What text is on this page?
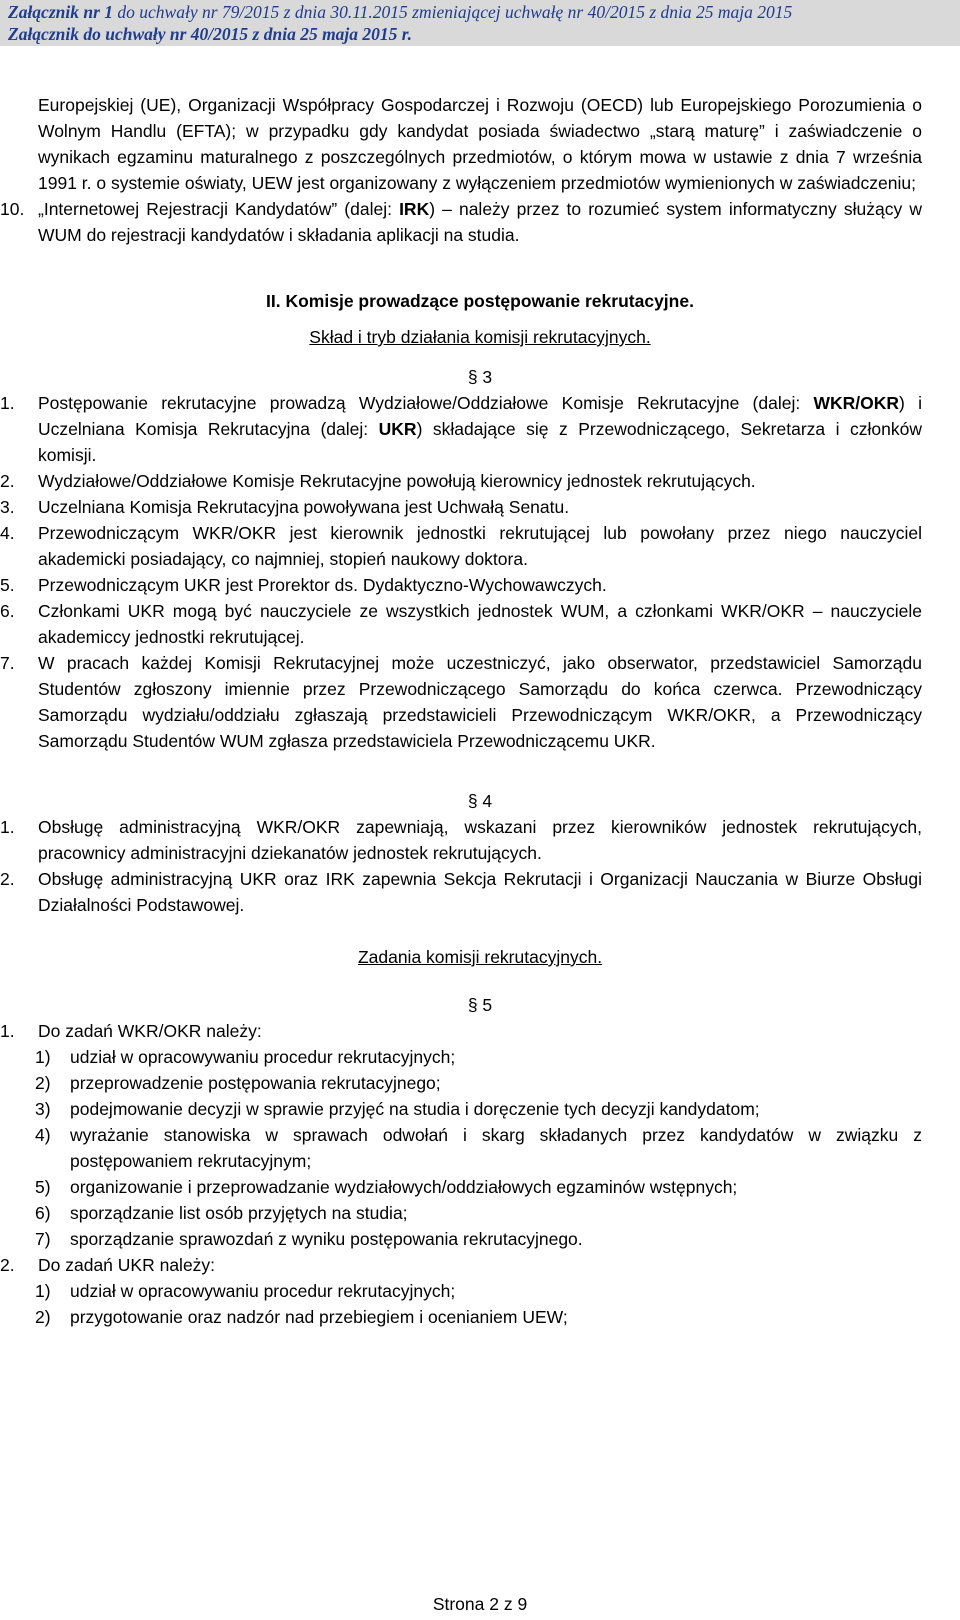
Załącznik nr 1 do uchwały nr 79/2015 z dnia 30.11.2015 zmieniającej uchwałę nr 40/2015 z dnia 25 maja 2015
Załącznik do uchwały nr 40/2015 z dnia 25 maja 2015 r.
Europejskiej (UE), Organizacji Współpracy Gospodarczej i Rozwoju (OECD) lub Europejskiego Porozumienia o Wolnym Handlu (EFTA); w przypadku gdy kandydat posiada świadectwo „starą maturę” i zaświadczenie o wynikach egzaminu maturalnego z poszczególnych przedmiotów, o którym mowa w ustawie z dnia 7 września 1991 r. o systemie oświaty, UEW jest organizowany z wyłączeniem przedmiotów wymienionych w zaświadczeniu;
10. „Internetowej Rejestracji Kandydatów” (dalej: IRK) – należy przez to rozumieć system informatyczny służący w WUM do rejestracji kandydatów i składania aplikacji na studia.
II. Komisje prowadzące postępowanie rekrutacyjne.
Skład i tryb działania komisji rekrutacyjnych.
§ 3
1.	Postępowanie rekrutacyjne prowadzą Wydziałowe/Oddziałowe Komisje Rekrutacyjne (dalej: WKR/OKR) i Uczelniana Komisja Rekrutacyjna (dalej: UKR) składające się z Przewodniczącego, Sekretarza i członków komisji.
2.	Wydziałowe/Oddziałowe Komisje Rekrutacyjne powołują kierownicy jednostek rekrutujących.
3.	Uczelniana Komisja Rekrutacyjna powoływana jest Uchwałą Senatu.
4.	Przewodniczącym WKR/OKR jest kierownik jednostki rekrutującej lub powołany przez niego nauczyciel akademicki posiadający, co najmniej, stopień naukowy doktora.
5.	Przewodniczącym UKR jest Prorektor ds. Dydaktyczno-Wychowawczych.
6.	Członkami UKR mogą być nauczyciele ze wszystkich jednostek WUM, a członkami WKR/OKR – nauczyciele akademiccy jednostki rekrutującej.
7.	W pracach każdej Komisji Rekrutacyjnej może uczestniczyć, jako obserwator, przedstawiciel Samorządu Studentów zgłoszony imiennie przez Przewodniczącego Samorządu do końca czerwca. Przewodniczący Samorządu wydziału/oddziału zgłaszają przedstawicieli Przewodniczącym WKR/OKR, a Przewodniczący Samorządu Studentów WUM zgłasza przedstawiciela Przewodniczącemu UKR.
§ 4
1.	Obsługę administracyjną WKR/OKR zapewniają, wskazani przez kierowników jednostek rekrutujących, pracownicy administracyjni dziekanatów jednostek rekrutujących.
2.	Obsługę administracyjną UKR oraz IRK zapewnia Sekcja Rekrutacji i Organizacji Nauczania w Biurze Obsługi Działalności Podstawowej.
Zadania komisji rekrutacyjnych.
§ 5
1.	Do zadań WKR/OKR należy:
1) udział w opracowywaniu procedur rekrutacyjnych;
2) przeprowadzenie postępowania rekrutacyjnego;
3) podejmowanie decyzji w sprawie przyjęć na studia i doręczenie tych decyzji kandydatom;
4) wyrażanie stanowiska w sprawach odwołań i skarg składanych przez kandydatów w związku z postępowaniem rekrutacyjnym;
5) organizowanie i przeprowadzanie wydziałowych/oddziałowych egzaminów wstępnych;
6) sporządzanie list osób przyjętych na studia;
7) sporządzanie sprawozdań z wyniku postępowania rekrutacyjnego.
2.	Do zadań UKR należy:
1) udział w opracowywaniu procedur rekrutacyjnych;
2) przygotowanie oraz nadzór nad przebiegiem i ocenianiem UEW;
Strona 2 z 9
